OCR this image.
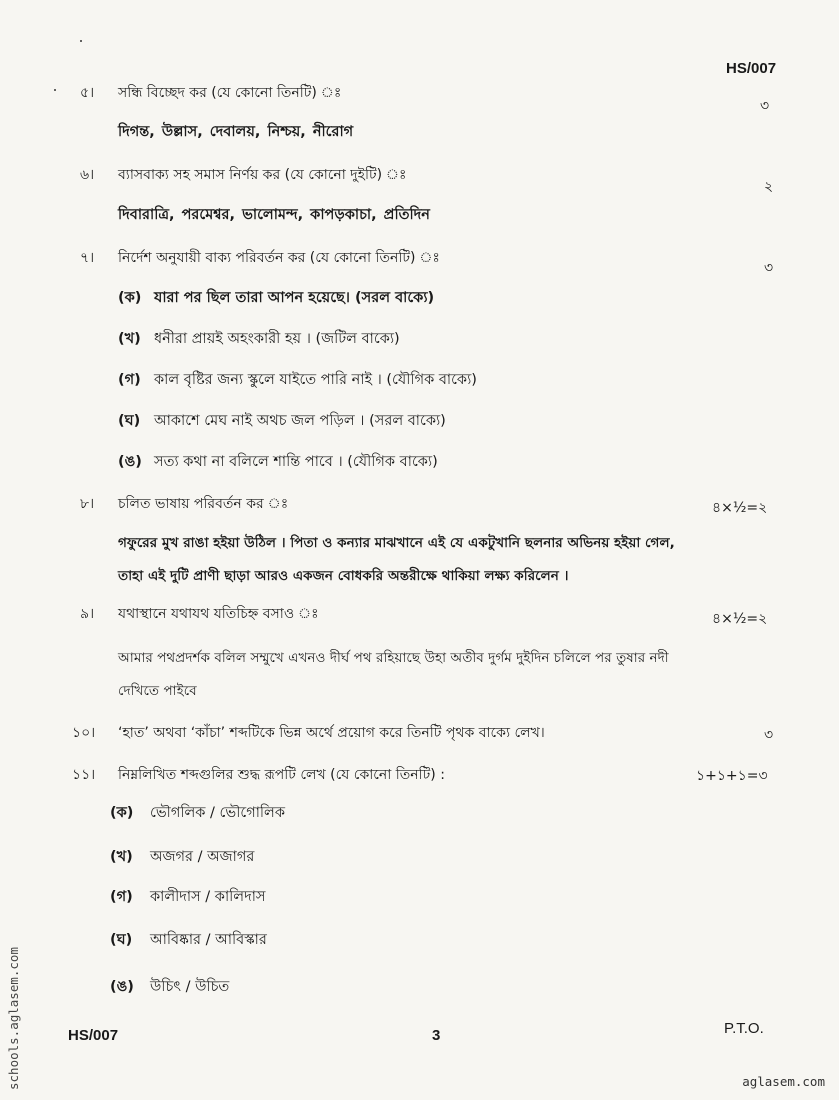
HS/007
৫। সন্ধি বিচ্ছেদ কর (যে কোনো তিনটি) ঃ
৩
দিগন্ত, উল্লাস, দেবালয়, নিশ্চয়, নীরোগ
৬। ব্যাসবাক্য সহ সমাস নির্ণয় কর (যে কোনো দুইটি) ঃ
২
দিবারাত্রি, পরমেশ্বর, ভালোমন্দ, কাপড়কাচা, প্রতিদিন
৭। নির্দেশ অনুযায়ী বাক্য পরিবর্তন কর (যে কোনো তিনটি) ঃ
৩
(ক) যারা পর ছিল তারা আপন হয়েছে। (সরল বাক্যে)
(খ) ধনীরা প্রায়ই অহংকারী হয় । (জটিল বাক্যে)
(গ) কাল বৃষ্টির জন্য স্কুলে যাইতে পারি নাই । (যৌগিক বাক্যে)
(ঘ) আকাশে মেঘ নাই অথচ জল পড়িল । (সরল বাক্যে)
(ঙ) সত্য কথা না বলিলে শান্তি পাবে । (যৌগিক বাক্যে)
৮। চলিত ভাষায় পরিবর্তন কর ঃ	৪×½=২
গফুরের মুখ রাঙা হইয়া উঠিল । পিতা ও কন্যার মাঝখানে এই যে একটুখানি ছলনার অভিনয় হইয়া গেল,
তাহা এই দুটি প্রাণী ছাড়া আরও একজন বোধকরি অন্তরীক্ষে থাকিয়া লক্ষ্য করিলেন ।
৯। যথাস্থানে যথাযথ যতিচিহ্ন বসাও ঃ	৪×½=২
আমার পথপ্রদর্শক বলিল সম্মুখে এখনও দীর্ঘ পথ রহিয়াছে উহা অতীব দুর্গম দুইদিন চলিলে পর তুষার নদী
দেখিতে পাইবে
১০। ‘হাত’ অথবা ‘কাঁচা’ শব্দটিকে ভিন্ন অর্থে প্রয়োগ করে তিনটি পৃথক বাক্যে লেখ।	৩
১১। নিম্নলিখিত শব্দগুলির শুদ্ধ রূপটি লেখ (যে কোনো তিনটি) :	১+১+১=৩
(ক) ভৌগলিক / ভৌগোলিক
(খ) অজগর / অজাগর
(গ) কালীদাস / কালিদাস
(ঘ) আবিষ্কার / আবিস্কার
(ঙ) উচিৎ / উচিত
HS/007	3	P.T.O.
schools.aglasem.com	aglasem.com
